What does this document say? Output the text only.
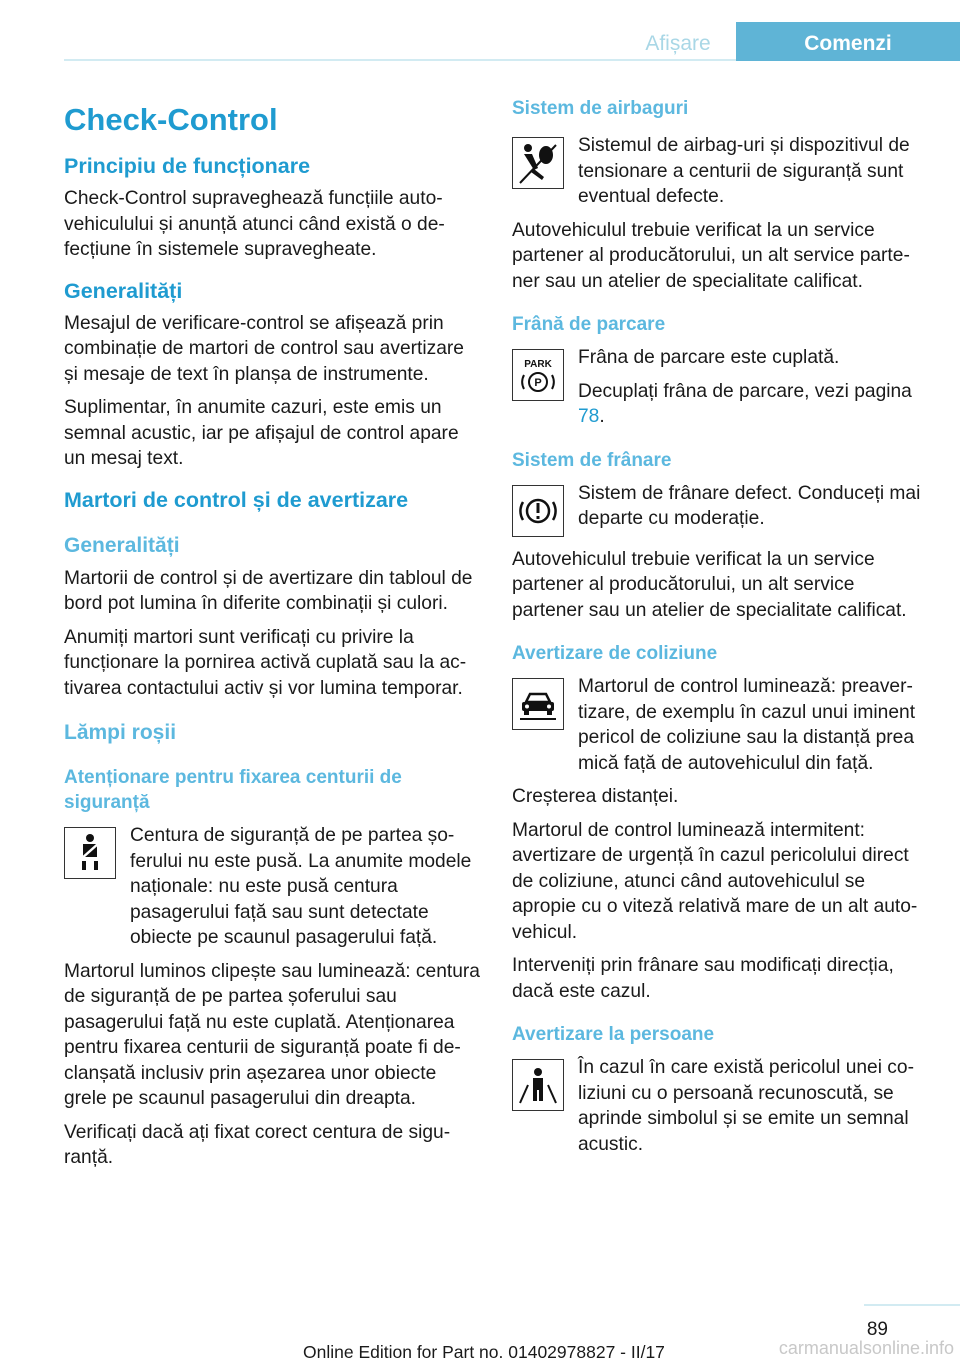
Afișare	Comenzi
Check-Control
Principiu de funcționare

Check-Control supraveghează funcțiile autovehiculului și anunță atunci când există o defecțiune în sistemele supravegheate.

Generalități

Mesajul de verificare-control se afișează prin combinație de martori de control sau avertizare și mesaje de text în planșa de instrumente.

Suplimentar, în anumite cazuri, este emis un semnal acustic, iar pe afișajul de control apare un mesaj text.

Martori de control și de avertizare
Generalități

Martorii de control și de avertizare din tabloul de bord pot lumina în diferite combinații și culori.

Anumiți martori sunt verificați cu privire la funcționare la pornirea activă cuplată sau la activarea contactului activ și vor lumina temporar.

Lămpi roșii
Atenționare pentru fixarea centurii de siguranță

Centura de siguranță de pe partea șoferului nu este pusă. La anumite modele naționale: nu este pusă centura pasagerului față sau sunt detectate obiecte pe scaunul pasagerului față.

Martorul luminos clipește sau luminează: centura de siguranță de pe partea șoferului sau pasagerului față nu este cuplată. Atenționarea pentru fixarea centurii de siguranță poate fi declanșată inclusiv prin așezarea unor obiecte grele pe scaunul pasagerului din dreapta.

Verificați dacă ați fixat corect centura de siguranță.

Sistem de airbaguri

Sistemul de airbag-uri și dispozitivul de tensionare a centurii de siguranță sunt eventual defecte.

Autovehiculul trebuie verificat la un service partener al producătorului, un alt service partener sau un atelier de specialitate calificat.

Frână de parcare
PARK
P

Frâna de parcare este cuplată.

Decuplați frâna de parcare, vezi pagina 78.

Sistem de frânare

Sistem de frânare defect. Conduceți mai departe cu moderație.

Autovehiculul trebuie verificat la un service partener al producătorului, un alt service partener sau un atelier de specialitate calificat.

Avertizare de coliziune

Martorul de control luminează: preavertizare, de exemplu în cazul unui iminent pericol de coliziune sau la distanță prea mică față de autovehiculul din față.

Creșterea distanței.

Martorul de control luminează intermitent: avertizare de urgență în cazul pericolului direct de coliziune, atunci când autovehiculul se apropie cu o viteză relativă mare de un alt autovehicul.

Interveniți prin frânare sau modificați direcția, dacă este cazul.

Avertizare la persoane

În cazul în care există pericolul unei coliziuni cu o persoană recunoscută, se aprinde simbolul și se emite un semnal acustic.

89
Online Edition for Part no. 01402978827 - II/17	carmanualsonline.info
